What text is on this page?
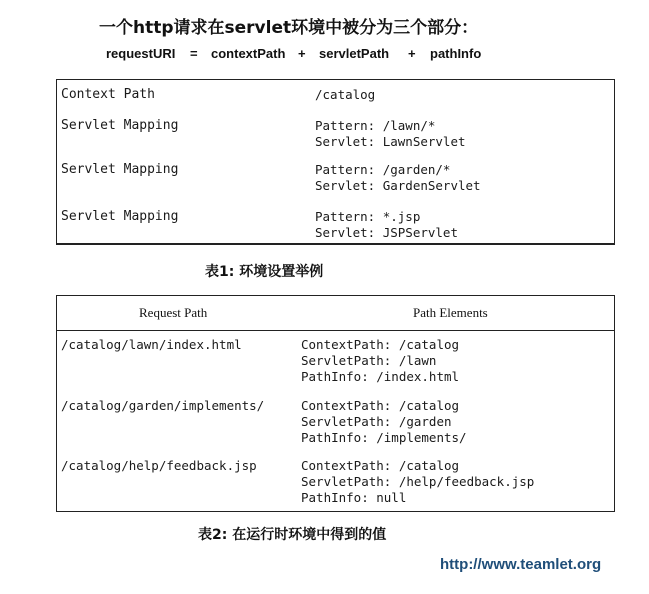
一个http请求在servlet环境中被分为三个部分：
requestURI = contextPath + servletPath + pathInfo
Context Path	/catalog
Servlet Mapping	Pattern: /lawn/*
Servlet: LawnServlet
Servlet Mapping	Pattern: /garden/*
Servlet: GardenServlet
Servlet Mapping	Pattern: *.jsp
Servlet: JSPServlet
表1: 环境设置举例
Request Path	Path Elements
/catalog/lawn/index.html	ContextPath: /catalog
ServletPath: /lawn
PathInfo: /index.html
/catalog/garden/implements/	ContextPath: /catalog
ServletPath: /garden
PathInfo: /implements/
/catalog/help/feedback.jsp	ContextPath: /catalog
ServletPath: /help/feedback.jsp
PathInfo: null
表2: 在运行时环境中得到的值
http://www.teamlet.org
